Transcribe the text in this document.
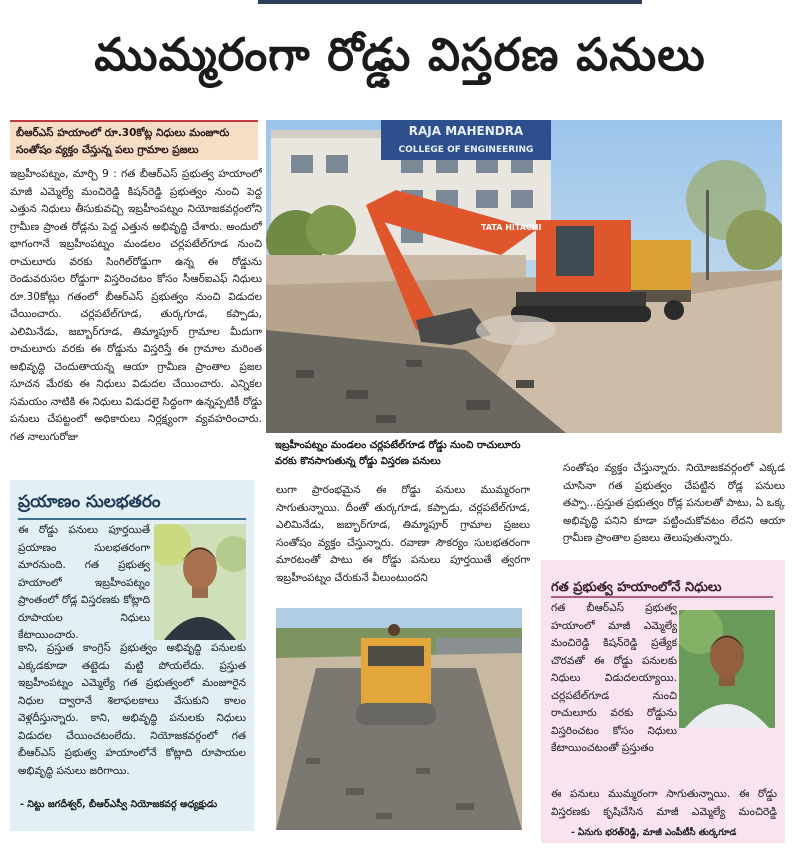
ముమ్మరంగా రోడ్డు విస్తరణ పనులు
బీఆర్‌ఎస్ హయాంలో రూ.30కోట్ల నిధులు మంజూరు సంతోషం వ్యక్తం చేస్తున్న పలు గ్రామాల ప్రజలు
ఇబ్రహీంపట్నం, మార్చి 9 : గత బీఆర్‌ఎస్ ప్రభుత్వ హయాంలో మాజీ ఎమ్మెల్యే మంచిరెడ్డి కిషన్‌రెడ్డి ప్రభుత్వం నుంచి పెద్ద ఎత్తున నిధులు తీసుకువచ్చి ఇబ్రహీంపట్నం నియోజకవర్గంలోని గ్రామీణ ప్రాంత రోడ్లను పెద్ద ఎత్తున అభివృద్ధి చేశారు. అందులో భాగంగానే ఇబ్రహీంపట్నం మండలం చర్లపటేల్‌గూడ నుంచి రాచులూరు వరకు సింగిల్‌రోడ్డుగా ఉన్న ఈ రోడ్డును రెండువరుసల రోడ్డుగా విస్తరించటం కోసం సీఆర్‌ఐఎఫ్ నిధులు రూ.30కోట్లు గతంలో బీఆర్‌ఎస్ ప్రభుత్వం నుంచి విడుదల చేయించారు. చర్లపటేల్‌గూడ, తుర్కగూడ, కప్పాడు, ఎలిమినేడు, జబ్బార్‌గూడ, తిమ్మాపూర్ గ్రామాల మీదుగా రాచులూరు వరకు ఈ రోడ్డును విస్తరిస్తే ఈ గ్రామాల మరింత అభివృద్ధి చెందుతాయన్న ఆయా గ్రామీణ ప్రాంతాల ప్రజల సూచన మేరకు ఈ నిధులు విడుదల చేయించారు. ఎన్నికల సమయం నాటికి ఈ నిధులు విడుదలై సిద్ధంగా ఉన్నప్పటికీ రోడ్డు పనులు చేపట్టంలో అధికారులు నిర్లక్ష్యంగా వ్యవహరించారు. గత నాలుగురోజు
RAJA MAHENDRA
COLLEGE OF ENGINEERING
TATA HITACHI
ఇబ్రహీంపట్నం మండలం చర్లపటేల్‌గూడ రోడ్డు నుంచి రాచులూరు వరకు కొనసాగుతున్న రోడ్డు విస్తరణ పనులు
సంతోషం వ్యక్తం చేస్తున్నారు. నియోజకవర్గంలో ఎక్కడ చూసినా గత ప్రభుత్వం చేపట్టిన రోడ్ల పనులు తప్పా...ప్రస్తుత ప్రభుత్వం రోడ్ల పనులతో పాటు, ఏ ఒక్క అభివృద్ధి పనిని కూడా పట్టించుకోవటం లేదని ఆయా గ్రామీణ ప్రాంతాల ప్రజలు తెలుపుతున్నారు.
ప్రయాణం సులభతరం
ఈ రోడ్డు పనులు పూర్తయితే ప్రయాణం సులభతరంగా మారనుంది. గత ప్రభుత్వ హయాంలో ఇబ్రహీంపట్నం ప్రాంతంలో రోడ్ల విస్తరణకు కోట్లాది రూపాయల నిధులు కేటాయించారు.
కాని, ప్రస్తుత కాంగ్రెస్ ప్రభుత్వం అభివృద్ధి పనులకు ఎక్కడకూడా తట్టెడు మట్టి పోయలేదు. ప్రస్తుత ఇబ్రహీంపట్నం ఎమ్మెల్యే గత ప్రభుత్వంలో మంజూరైన నిధుల ద్వారానే శిలాఫలకాలు వేసుకుని కాలం వెళ్లదీస్తున్నారు. కాని, అభివృద్ధి పనులకు నిధులు విడుదల చేయించటంలేదు. నియోజకవర్గంలో గత బీఆర్‌ఎస్ ప్రభుత్వ హయాంలోనే కోట్లాది రూపాయల అభివృద్ధి పనులు జరిగాయి.
- నిట్టు జగదీశ్వర్, బీఆర్‌ఎస్వీ నియోజకవర్గ అధ్యక్షుడు
లుగా ప్రారంభమైన ఈ రోడ్డు పనులు ముమ్మరంగా సాగుతున్నాయి. దీంతో తుర్కగూడ, కప్పాడు, చర్లపటేల్‌గూడ, ఎలిమినేడు, జబ్బార్‌గూడ, తిమ్మాపూర్ గ్రామాల ప్రజలు సంతోషం వ్యక్తం చేస్తున్నారు. రవాణా సౌకర్యం సులభతరంగా మారటంతో పాటు ఈ రోడ్డు పనులు పూర్తయితే త్వరగా ఇబ్రహీంపట్నం చేరుకునే వీలుంటుందని
గత ప్రభుత్వ హయాంలోనే నిధులు
గత బీఆర్‌ఎస్ ప్రభుత్వ హయాంలో మాజీ ఎమ్మెల్యే మంచిరెడ్డి కిషన్‌రెడ్డి ప్రత్యేక చొరవతో ఈ రోడ్డు పనులకు నిధులు విడుదలయ్యాయి. చర్లపటేల్‌గూడ నుంచి రాచులూరు వరకు రోడ్డును విస్తరించటం కోసం నిధులు కేటాయించటంతో ప్రస్తుతం
ఈ పనులు ముమ్మరంగా సాగుతున్నాయి. ఈ రోడ్డు విస్తరణకు కృషిచేసిన మాజీ ఎమ్మెల్యే మంచిరెడ్డి
- ఏనుగు భరత్‌రెడ్డి, మాజీ ఎంపీటీసీ తుర్కగూడ
